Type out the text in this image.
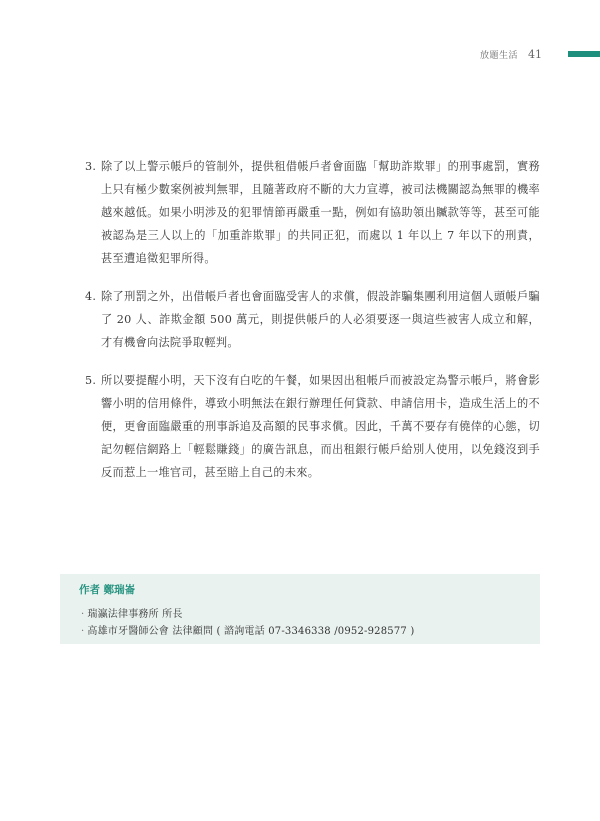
放題生活 41
3. 除了以上警示帳戶的管制外，提供租借帳戶者會面臨「幫助詐欺罪」的刑事處罰，實務上只有極少數案例被判無罪，且隨著政府不斷的大力宣導，被司法機關認為無罪的機率越來越低。如果小明涉及的犯罪情節再嚴重一點，例如有協助領出贓款等等，甚至可能被認為是三人以上的「加重詐欺罪」的共同正犯，而處以 1 年以上 7 年以下的刑責，甚至遭追徵犯罪所得。
4. 除了刑罰之外，出借帳戶者也會面臨受害人的求償，假設詐騙集團利用這個人頭帳戶騙了 20 人、詐欺金額 500 萬元，則提供帳戶的人必須要逐一與這些被害人成立和解，才有機會向法院爭取輕判。
5. 所以要提醒小明，天下沒有白吃的午餐，如果因出租帳戶而被設定為警示帳戶，將會影響小明的信用條件，導致小明無法在銀行辦理任何貸款、申請信用卡，造成生活上的不便，更會面臨嚴重的刑事訴追及高額的民事求償。因此，千萬不要存有僥倖的心態，切記勿輕信網路上「輕鬆賺錢」的廣告訊息，而出租銀行帳戶給別人使用，以免錢沒到手反而惹上一堆官司，甚至賠上自己的未來。
作者 鄭瑞崙
· 瑞瀛法律事務所 所長
· 高雄市牙醫師公會 法律顧問 ( 諮詢電話 07-3346338 /0952-928577 )
